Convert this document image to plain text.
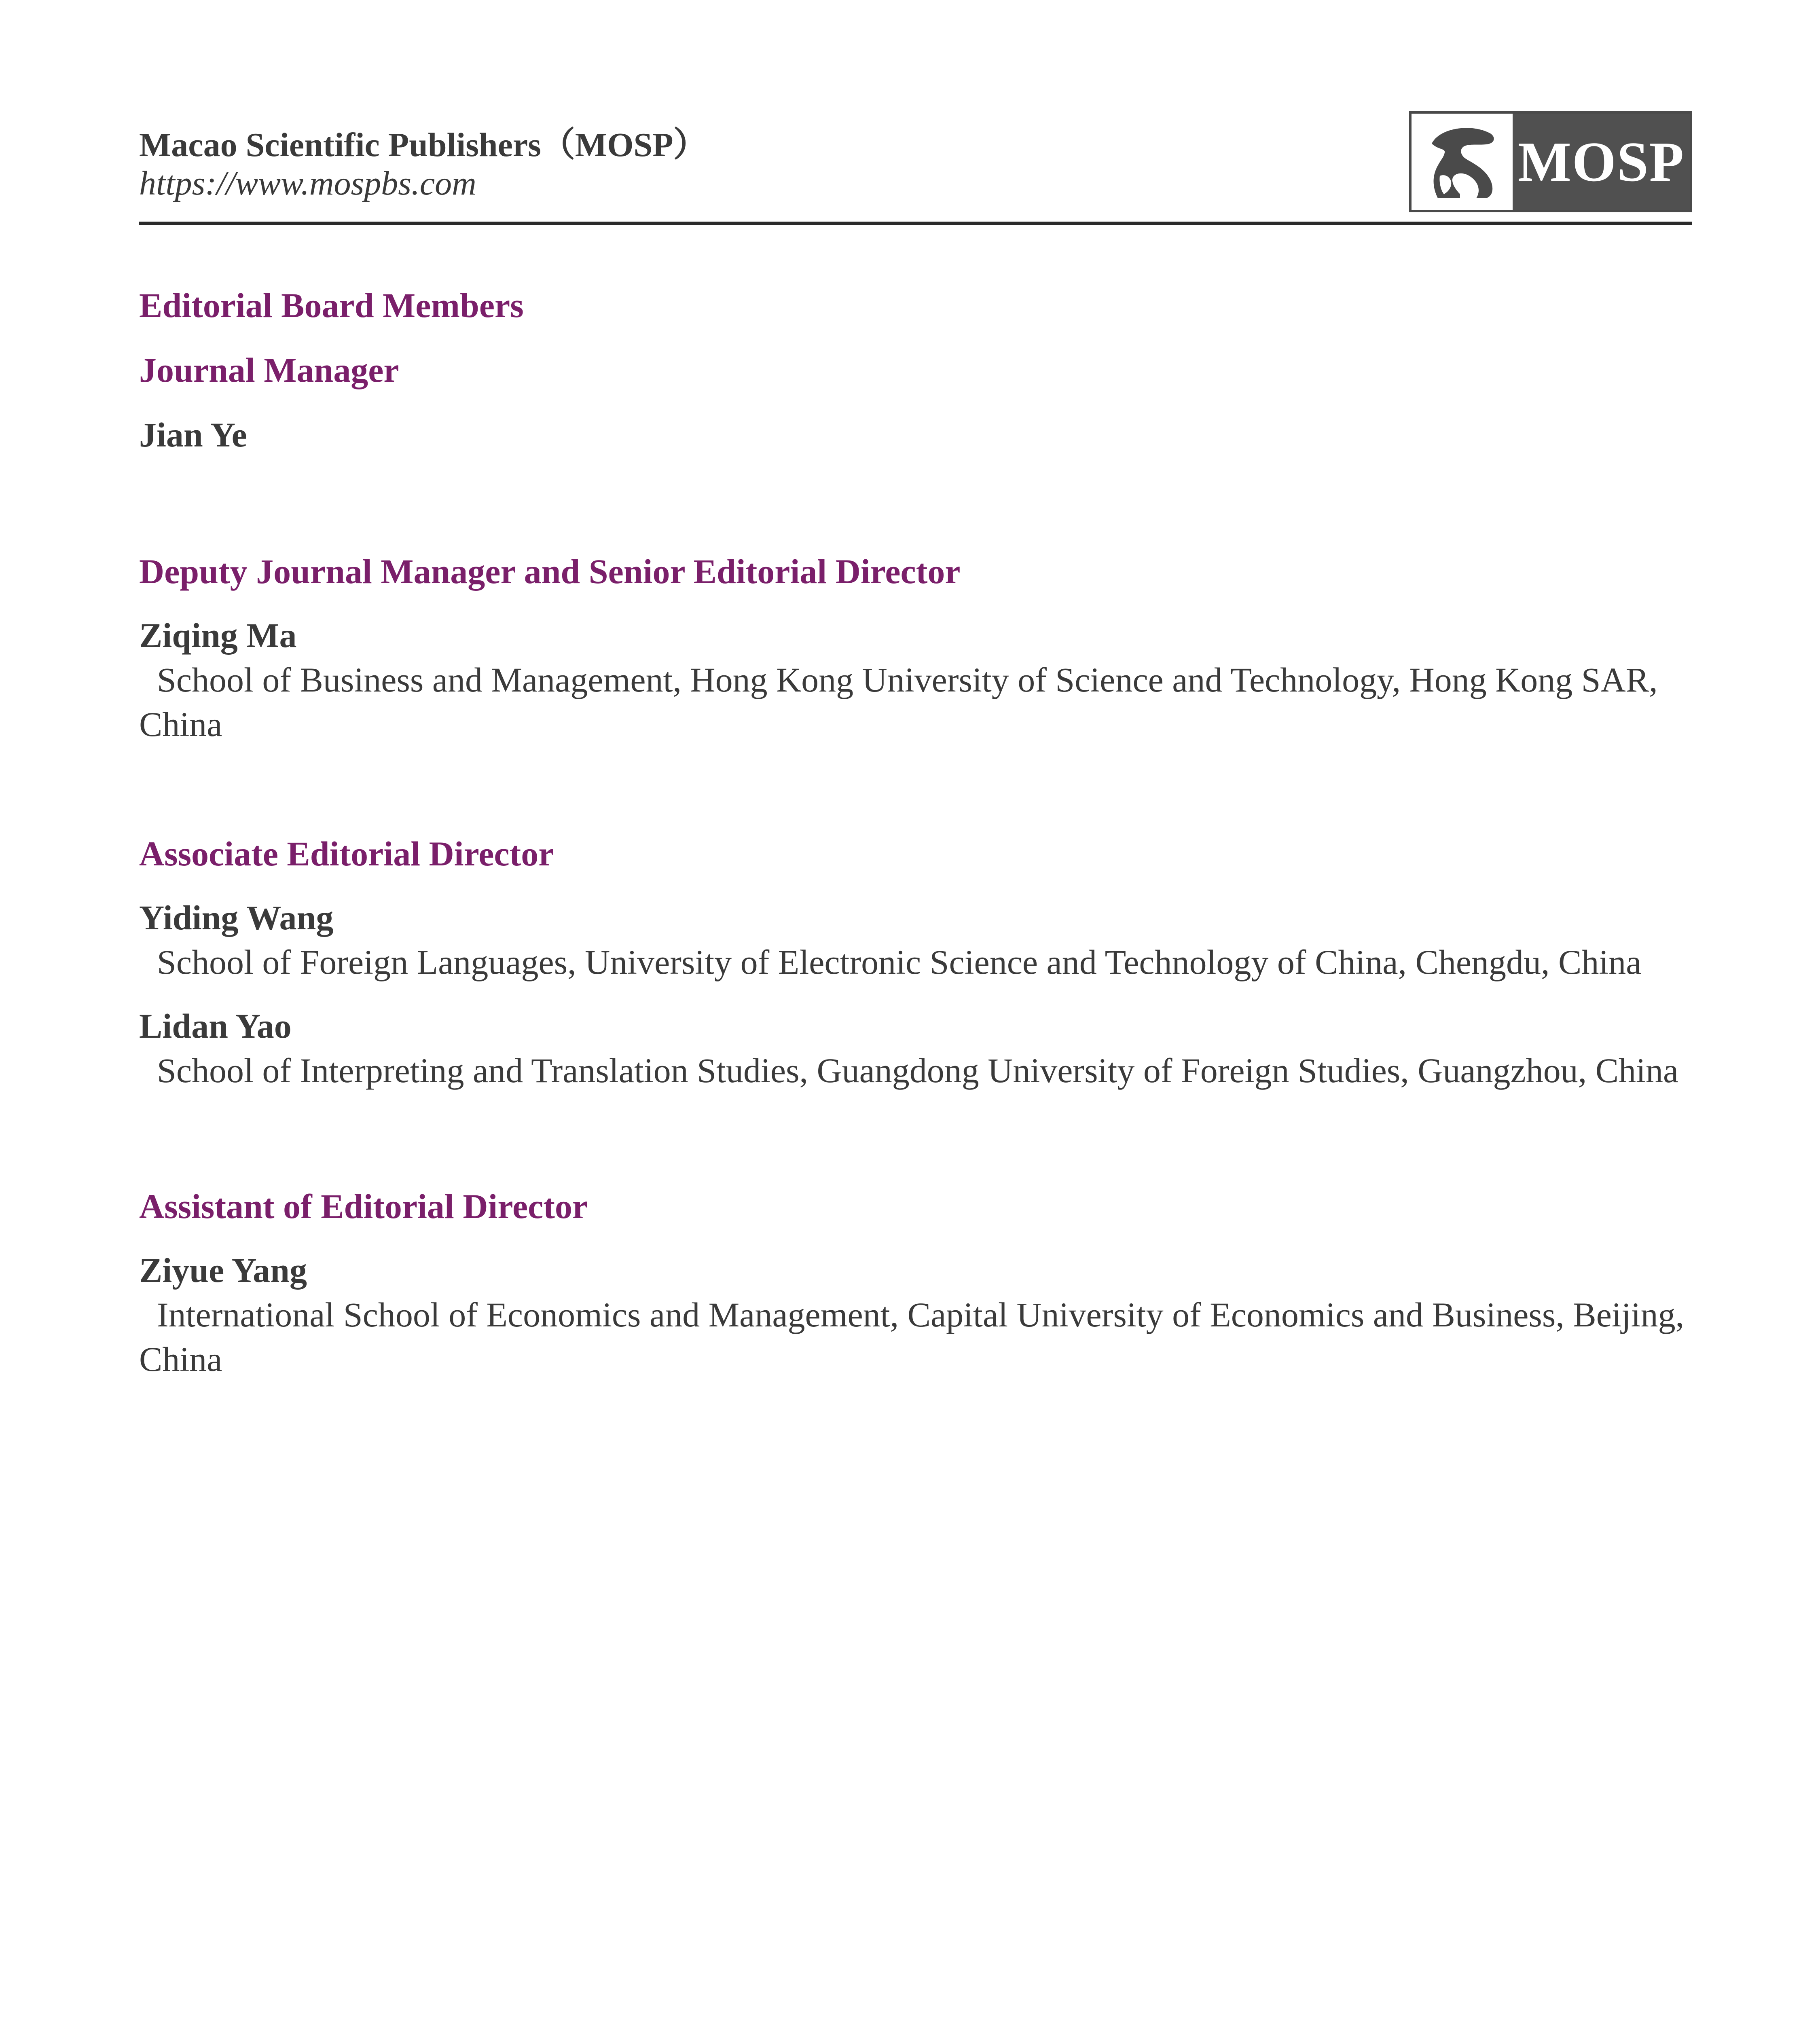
Macao Scientific Publishers（MOSP）
https://www.mospbs.com	MOSP

Editorial Board Members

Journal Manager

Jian Ye

Deputy Journal Manager and Senior Editorial Director

Ziqing Ma

School of Business and Management, Hong Kong University of Science and Technology, Hong Kong SAR, China

Associate Editorial Director

Yiding Wang

School of Foreign Languages, University of Electronic Science and Technology of China, Chengdu, China

Lidan Yao

School of Interpreting and Translation Studies, Guangdong University of Foreign Studies, Guangzhou, China

Assistant of Editorial Director

Ziyue Yang

International School of Economics and Management, Capital University of Economics and Business, Beijing, China
